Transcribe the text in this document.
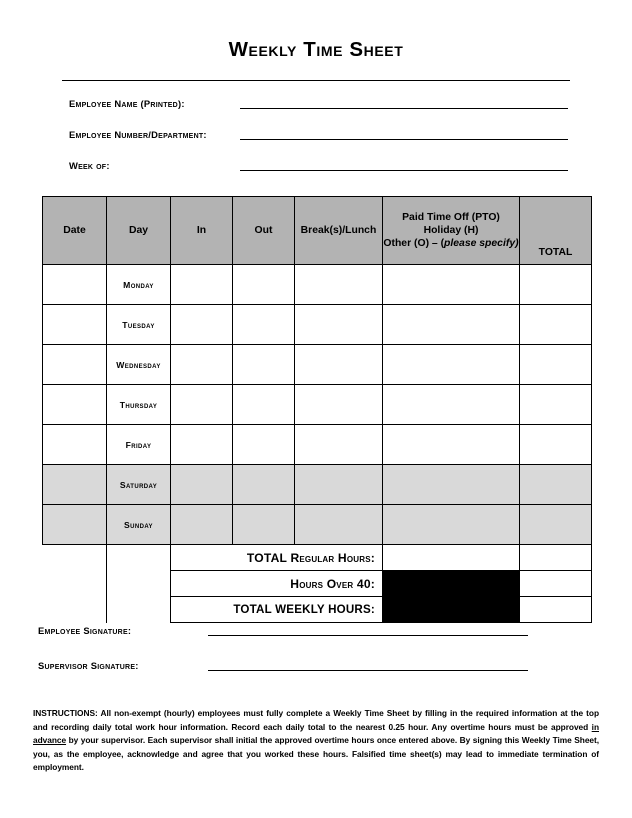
Weekly Time Sheet
Employee Name (Printed):
Employee Number/Department:
Week of:
Date	Day	In	Out	Break(s)/Lunch	Paid Time Off (PTO)
Holiday (H)
Other (O) – (please specify)	TOTAL
	Monday					
	Tuesday					
	Wednesday					
	Thursday					
	Friday					
	Saturday					
	Sunday					
		TOTAL Regular Hours:				
		Hours Over 40:				
		TOTAL WEEKLY HOURS:				
Employee Signature:
Supervisor Signature:

INSTRUCTIONS: All non-exempt (hourly) employees must fully complete a Weekly Time Sheet by filling in the required information at the top and recording daily total work hour information. Record each daily total to the nearest 0.25 hour. Any overtime hours must be approved in advance by your supervisor. Each supervisor shall initial the approved overtime hours once entered above. By signing this Weekly Time Sheet, you, as the employee, acknowledge and agree that you worked these hours. Falsified time sheet(s) may lead to immediate termination of employment.
